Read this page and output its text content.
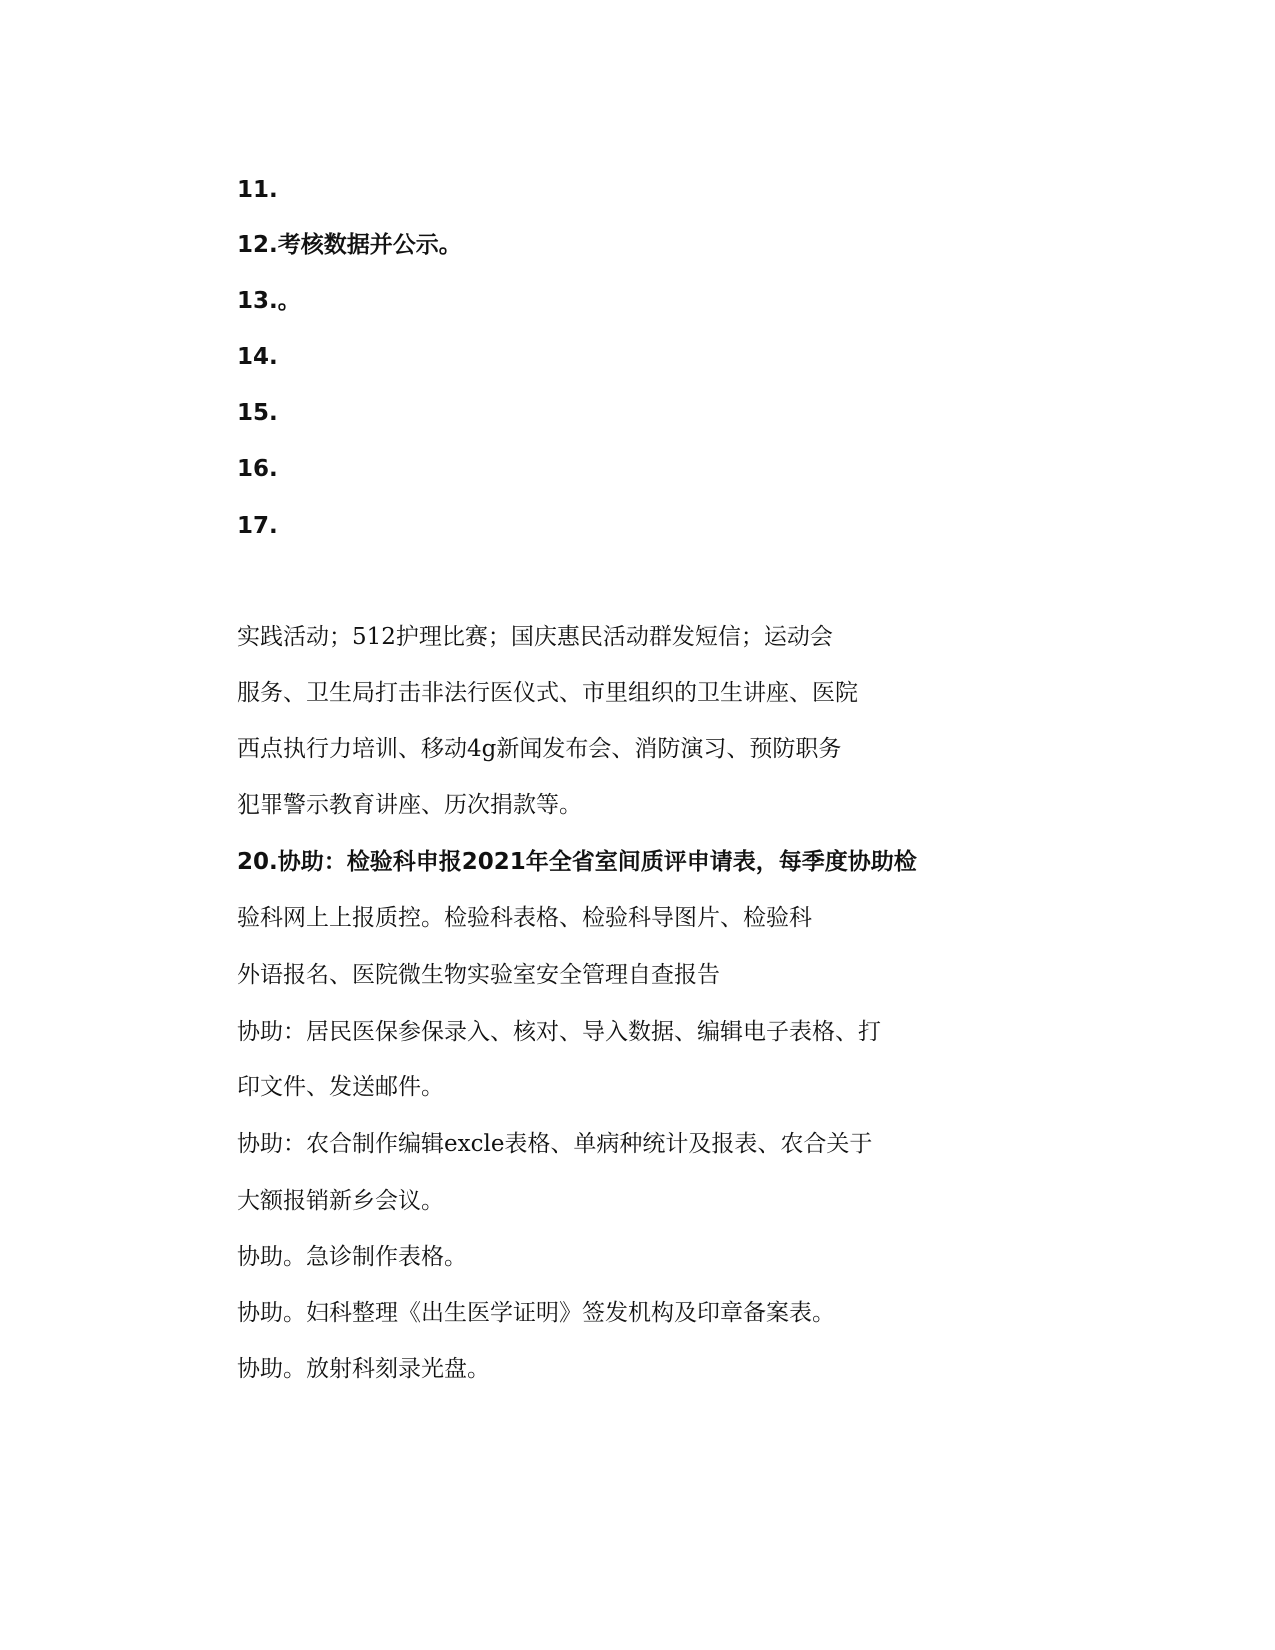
11.
12.考核数据并公示。
13.。
14.
15.
16.
17.
实践活动；512护理比赛；国庆惠民活动群发短信；运动会
服务、卫生局打击非法行医仪式、市里组织的卫生讲座、医院
西点执行力培训、移动4g新闻发布会、消防演习、预防职务
犯罪警示教育讲座、历次捐款等。
20.协助：检验科申报2021年全省室间质评申请表，每季度协助检
验科网上上报质控。检验科表格、检验科导图片、检验科
外语报名、医院微生物实验室安全管理自查报告
协助：居民医保参保录入、核对、导入数据、编辑电子表格、打
印文件、发送邮件。
协助：农合制作编辑excle表格、单病种统计及报表、农合关于
大额报销新乡会议。
协助。急诊制作表格。
协助。妇科整理《出生医学证明》签发机构及印章备案表。
协助。放射科刻录光盘。
